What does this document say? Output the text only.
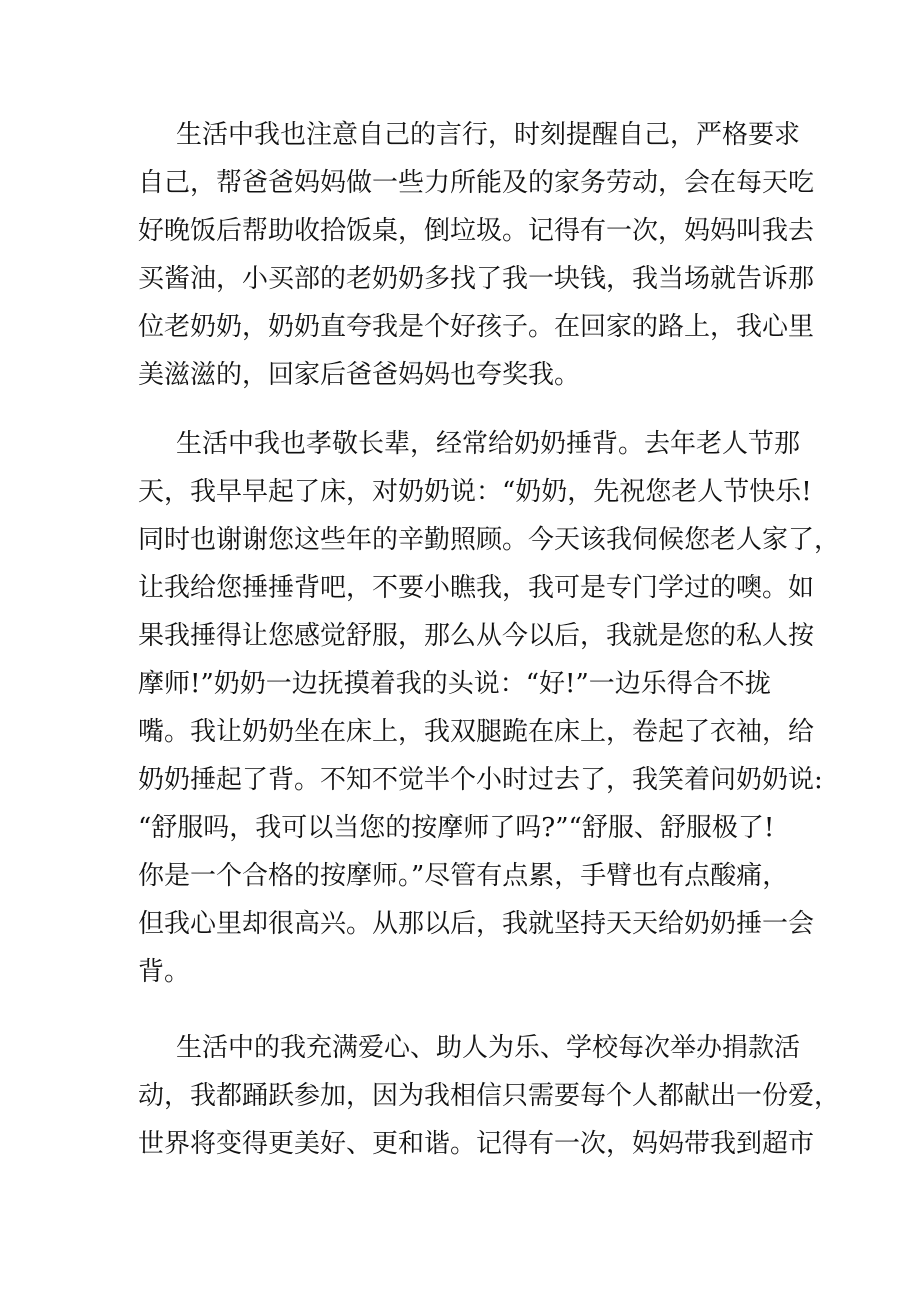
生活中我也注意自己的言行，时刻提醒自己，严格要求
自己，帮爸爸妈妈做一些力所能及的家务劳动，会在每天吃
好晚饭后帮助收拾饭桌，倒垃圾。记得有一次，妈妈叫我去
买酱油，小买部的老奶奶多找了我一块钱，我当场就告诉那
位老奶奶，奶奶直夸我是个好孩子。在回家的路上，我心里
美滋滋的，回家后爸爸妈妈也夸奖我。
生活中我也孝敬长辈，经常给奶奶捶背。去年老人节那
天，我早早起了床，对奶奶说：“奶奶，先祝您老人节快乐!
同时也谢谢您这些年的辛勤照顾。今天该我伺候您老人家了，
让我给您捶捶背吧，不要小瞧我，我可是专门学过的噢。如
果我捶得让您感觉舒服，那么从今以后，我就是您的私人按
摩师!”奶奶一边抚摸着我的头说：“好!”一边乐得合不拢
嘴。我让奶奶坐在床上，我双腿跪在床上，卷起了衣袖，给
奶奶捶起了背。不知不觉半个小时过去了，我笑着问奶奶说:
“舒服吗，我可以当您的按摩师了吗?”“舒服、舒服极了!
你是一个合格的按摩师。”尽管有点累，手臂也有点酸痛，
但我心里却很高兴。从那以后，我就坚持天天给奶奶捶一会
背。
生活中的我充满爱心、助人为乐、学校每次举办捐款活
动，我都踊跃参加，因为我相信只需要每个人都献出一份爱，
世界将变得更美好、更和谐。记得有一次，妈妈带我到超市
